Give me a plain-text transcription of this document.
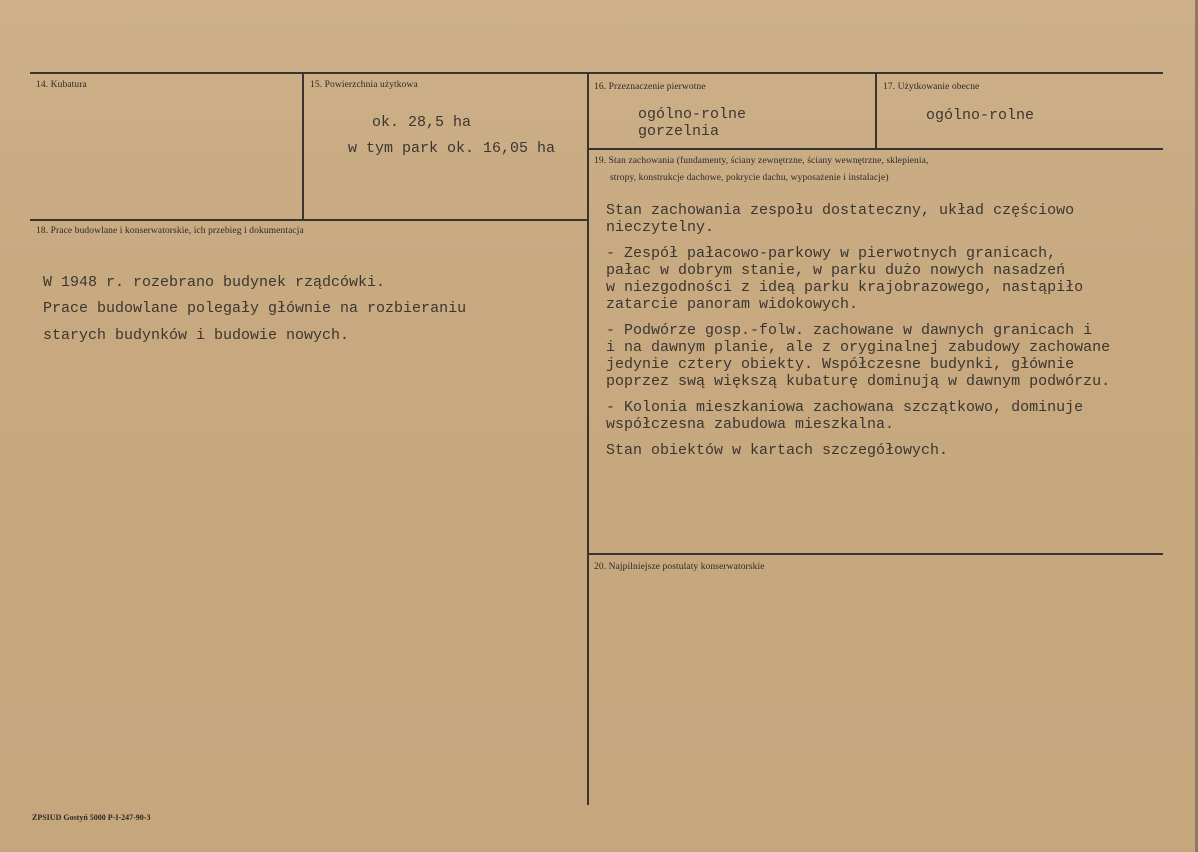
14. Kubatura	15. Powierzchnia użytkowa
ok. 28,5 ha
w tym park ok. 16,05 ha
16. Przeznaczenie pierwotne
ogólno-rolne
gorzelnia
17. Użytkowanie obecne
ogólno-rolne
18. Prace budowlane i konserwatorskie, ich przebieg i dokumentacja
W 1948 r. rozebrano budynek rządcówki.
Prace budowlane polegały głównie na rozbieraniu
starych budynków i budowie nowych.
19. Stan zachowania (fundamenty, ściany zewnętrzne, ściany wewnętrzne, sklepienia,
stropy, konstrukcje dachowe, pokrycie dachu, wyposażenie i instalacje)
Stan zachowania zespołu dostateczny, układ częściowo
nieczytelny.
- Zespół pałacowo-parkowy w pierwotnych granicach,
pałac w dobrym stanie, w parku dużo nowych nasadzeń
w niezgodności z ideą parku krajobrazowego, nastąpiło
zatarcie panoram widokowych.
- Podwórze gosp.-folw. zachowane w dawnych granicach i
i na dawnym planie, ale z oryginalnej zabudowy zachowane
jedynie cztery obiekty. Współczesne budynki, głównie
poprzez swą większą kubaturę dominują w dawnym podwórzu.
- Kolonia mieszkaniowa zachowana szczątkowo, dominuje
współczesna zabudowa mieszkalna.
Stan obiektów w kartach szczegółowych.
20. Najpilniejsze postulaty konserwatorskie
ZPSIUD Gostyń 5000 P-I-247-90-3
